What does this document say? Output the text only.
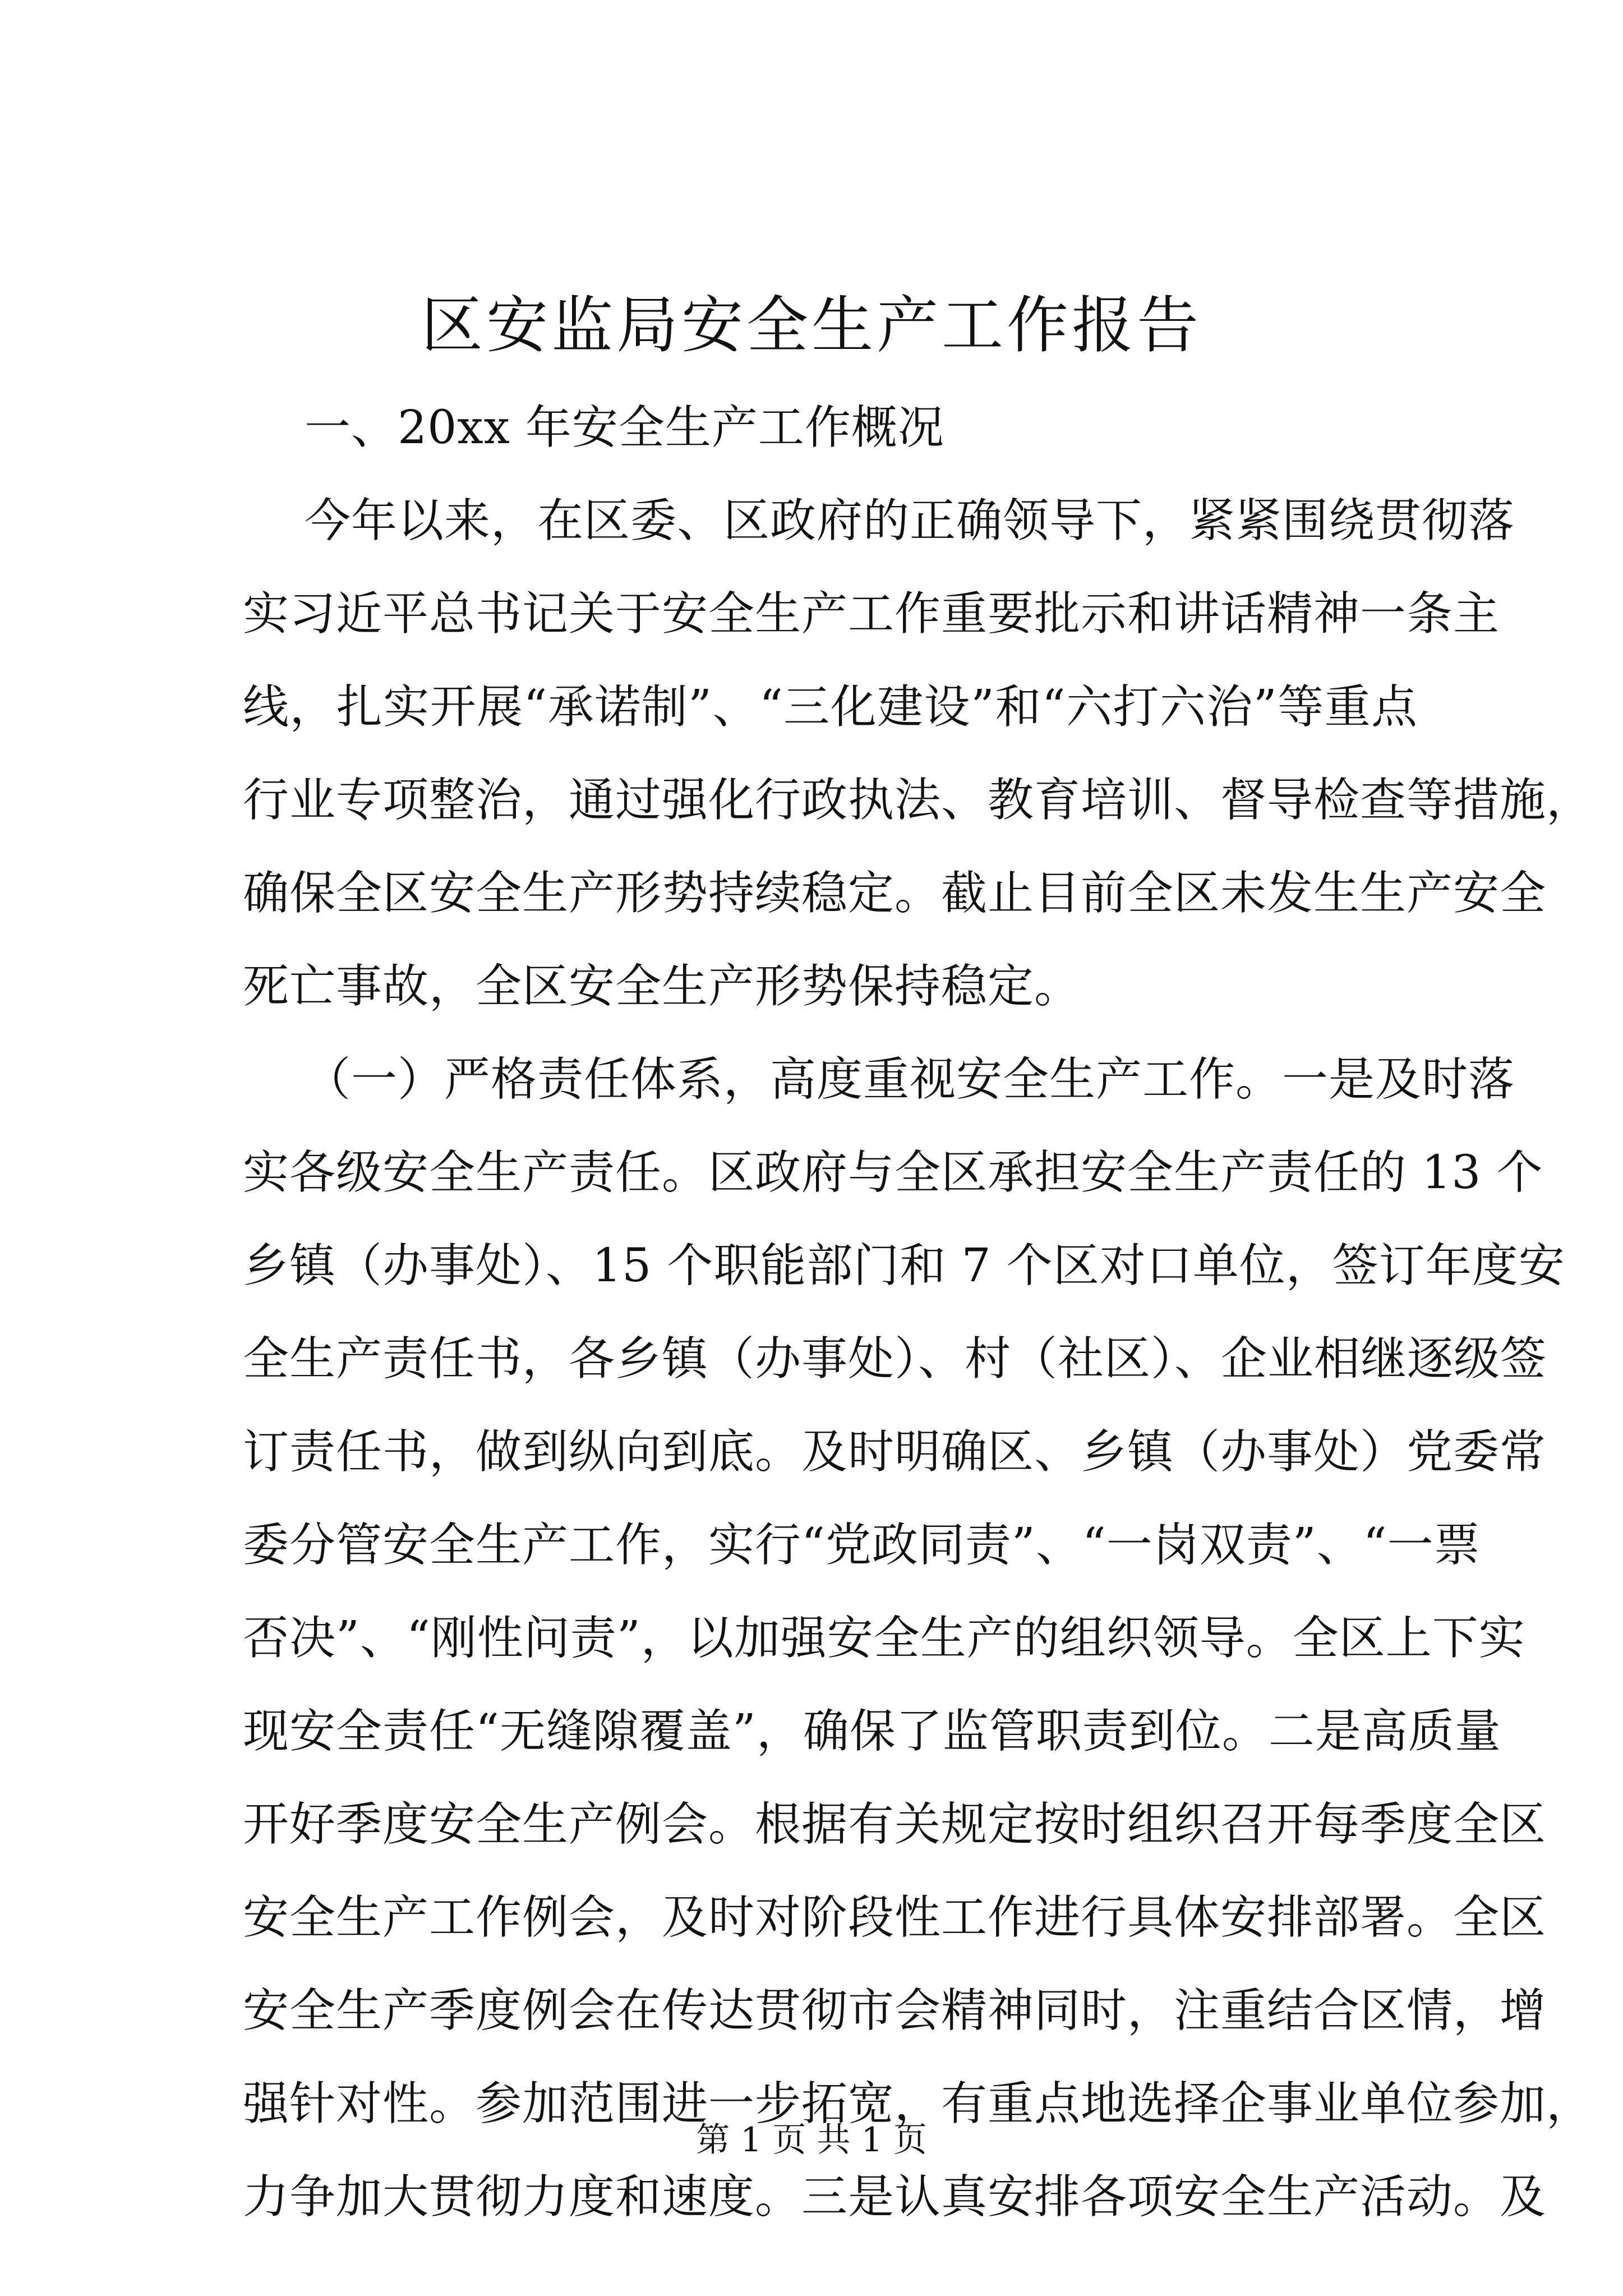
区安监局安全生产工作报告
一、20xx 年安全生产工作概况
今年以来，在区委、区政府的正确领导下，紧紧围绕贯彻落
实习近平总书记关于安全生产工作重要批示和讲话精神一条主
线，扎实开展“承诺制”、“三化建设”和“六打六治”等重点
行业专项整治，通过强化行政执法、教育培训、督导检查等措施，
确保全区安全生产形势持续稳定。截止目前全区未发生生产安全
死亡事故，全区安全生产形势保持稳定。
（一）严格责任体系，高度重视安全生产工作。一是及时落
实各级安全生产责任。区政府与全区承担安全生产责任的 13 个
乡镇（办事处）、15 个职能部门和 7 个区对口单位，签订年度安
全生产责任书，各乡镇（办事处）、村（社区）、企业相继逐级签
订责任书，做到纵向到底。及时明确区、乡镇（办事处）党委常
委分管安全生产工作，实行“党政同责”、“一岗双责”、“一票
否决”、“刚性问责”，以加强安全生产的组织领导。全区上下实
现安全责任“无缝隙覆盖”，确保了监管职责到位。二是高质量
开好季度安全生产例会。根据有关规定按时组织召开每季度全区
安全生产工作例会，及时对阶段性工作进行具体安排部署。全区
安全生产季度例会在传达贯彻市会精神同时，注重结合区情，增
强针对性。参加范围进一步拓宽，有重点地选择企事业单位参加，
力争加大贯彻力度和速度。三是认真安排各项安全生产活动。及
第 1 页 共 1 页
